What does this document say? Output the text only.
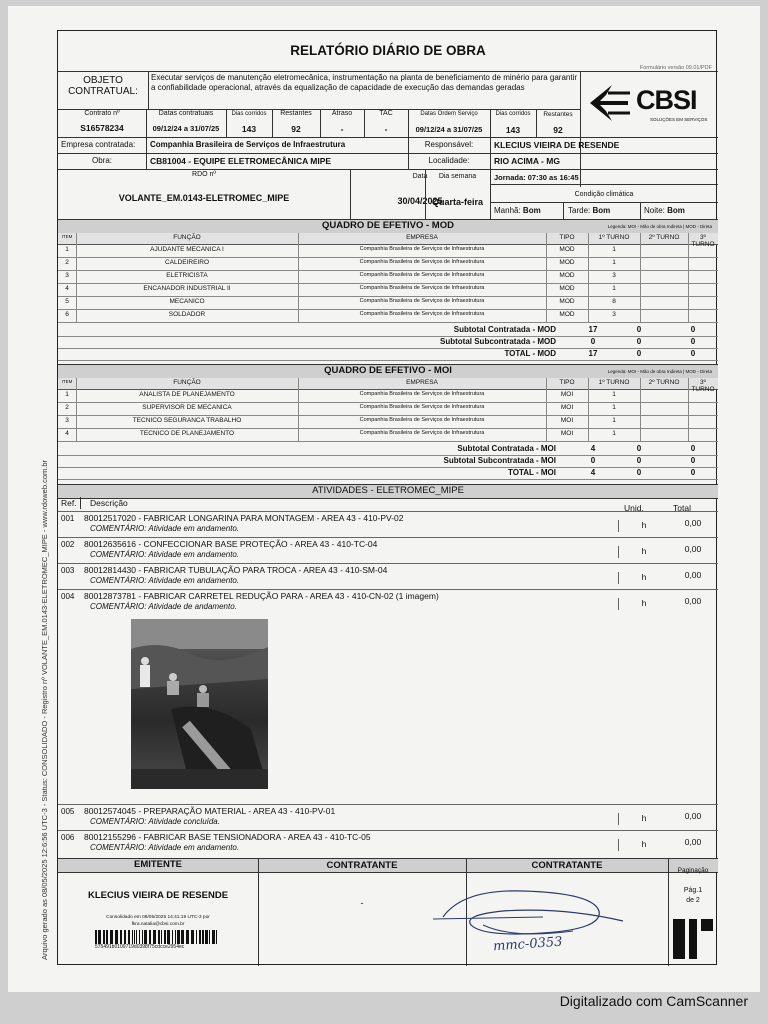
Arquivo gerado as 08/05/2025 12:6:56 UTC-3 - Status: CONSOLIDADO - Registro nº VOLANTE_EM.0143-ELETROMEC_MIPE - www.rdoweb.com.br
RELATÓRIO DIÁRIO DE OBRA
Formulário versão 09.01/PDF
OBJETO CONTRATUAL:
Executar serviços de manutenção eletromecânica, instrumentação na planta de beneficiamento de minério para garantir a confiabilidade operacional, através da equalização de capacidade de execução das demandas geradas	CBSI
SOLUÇÕES EM SERVIÇOS
Contrato nº
S16578234
Datas contratuais
09/12/24 a 31/07/25
Dias corridos
143
Restantes
92
Atraso
-
TAC
-
Datas Ordem Serviço
09/12/24 a 31/07/25
Dias corridos
143
Restantes
92
Empresa contratada: Companhia Brasileira de Serviços de Infraestrutura	Responsável:	KLECIUS VIEIRA DE RESENDE
Obra:	CB81004 - EQUIPE ELETROMECÂNICA MIPE	Localidade:	RIO ACIMA - MG
RDO nº
VOLANTE_EM.0143-ELETROMEC_MIPE
Data
30/04/2025
Dia semana
Quarta-feira
Jornada: 07:30 as 16:45
Condição climática
Manhã: Bom	Tarde: Bom	Noite: Bom
QUADRO DE EFETIVO - MOD	Legenda: MOI - Mão de obra Indireta | MOD - Direta
ITEM	FUNÇÃO	EMPRESA	TIPO	1º TURNO	2º TURNO	3º TURNO
1	AJUDANTE MECANICA I	Companhia Brasileira de Serviços de Infraestrutura	MOD	1
2	CALDEIREIRO	Companhia Brasileira de Serviços de Infraestrutura	MOD	1
3	ELETRICISTA	Companhia Brasileira de Serviços de Infraestrutura	MOD	3
4	ENCANADOR INDUSTRIAL II	Companhia Brasileira de Serviços de Infraestrutura	MOD	1
5	MECANICO	Companhia Brasileira de Serviços de Infraestrutura	MOD	8
6	SOLDADOR	Companhia Brasileira de Serviços de Infraestrutura	MOD	3
Subtotal Contratada - MOD	17	0	0
Subtotal Subcontratada - MOD	0	0	0
TOTAL - MOD	17	0	0
QUADRO DE EFETIVO - MOI	Legenda: MOI - Mão de obra Indireta | MOD - Direta
ITEM	FUNÇÃO	EMPRESA	TIPO	1º TURNO	2º TURNO	3º TURNO
1	ANALISTA DE PLANEJAMENTO	Companhia Brasileira de Serviços de Infraestrutura	MOI	1
2	SUPERVISOR DE MECANICA	Companhia Brasileira de Serviços de Infraestrutura	MOI	1
3	TECNICO SEGURANCA TRABALHO	Companhia Brasileira de Serviços de Infraestrutura	MOI	1
4	TECNICO DE PLANEJAMENTO	Companhia Brasileira de Serviços de Infraestrutura	MOI	1
Subtotal Contratada - MOI	4	0	0
Subtotal Subcontratada - MOI	0	0	0
TOTAL - MOI	4	0	0
ATIVIDADES - ELETROMEC_MIPE
Ref. Descrição	Unid.	Total
001 80012517020 - FABRICAR LONGARINA PARA MONTAGEM - AREA 43 - 410-PV-02
COMENTÁRIO: Atividade em andamento.	h	0,00
002 80012635616 - CONFECCIONAR BASE PROTEÇÃO - AREA 43 - 410-TC-04
COMENTÁRIO: Atividade em andamento.	h	0,00
003 80012814430 - FABRICAR TUBULAÇÃO PARA TROCA - AREA 43 - 410-SM-04
COMENTÁRIO: Atividade em andamento.	h	0,00
004 80012873781 - FABRICAR CARRETEL REDUÇÃO PARA - AREA 43 - 410-CN-02 (1 imagem)
COMENTÁRIO: Atividade de andamento.	h	0,00
005 80012574045 - PREPARAÇÃO MATERIAL - AREA 43 - 410-PV-01
COMENTÁRIO: Atividade concluída.	h	0,00
006 80012155296 - FABRICAR BASE TENSIONADORA - AREA 43 - 410-TC-05
COMENTÁRIO: Atividade em andamento.	h	0,00
EMITENTE	CONTRATANTE	CONTRATANTE	Paginação
KLECIUS VIEIRA DE RESENDE
Consolidado em 08/05/2025 14:41:19 UTC-3 por
fkra.natalia@cbsi.com.br
575491b0109719d0398f75cdcce2954ec
-
mmc-0353
Pág.1
de 2
Digitalizado com CamScanner
